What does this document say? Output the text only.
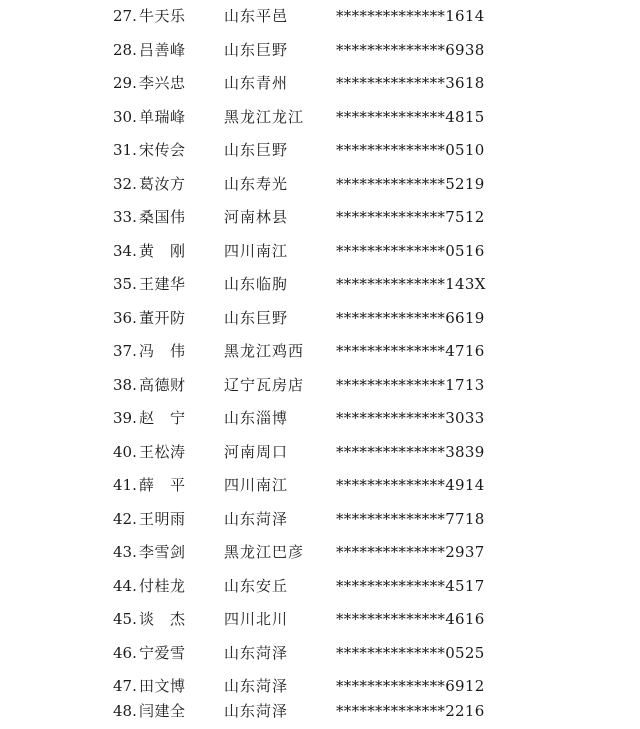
27. 牛天乐	山东平邑	**************1614
28. 吕善峰	山东巨野	**************6938
29. 李兴忠	山东青州	**************3618
30. 单瑞峰	黑龙江龙江	**************4815
31. 宋传会	山东巨野	**************0510
32. 葛汝方	山东寿光	**************5219
33. 桑国伟	河南林县	**************7512
34. 黄　刚	四川南江	**************0516
35. 王建华	山东临朐	**************143X
36. 董开防	山东巨野	**************6619
37. 冯　伟	黑龙江鸡西	**************4716
38. 高德财	辽宁瓦房店	**************1713
39. 赵　宁	山东淄博	**************3033
40. 王松涛	河南周口	**************3839
41. 薛　平	四川南江	**************4914
42. 王明雨	山东菏泽	**************7718
43. 李雪剑	黑龙江巴彦	**************2937
44. 付桂龙	山东安丘	**************4517
45. 谈　杰	四川北川	**************4616
46. 宁爱雪	山东菏泽	**************0525
47. 田文博	山东菏泽	**************6912
48. 闫建全	山东菏泽	**************2216
